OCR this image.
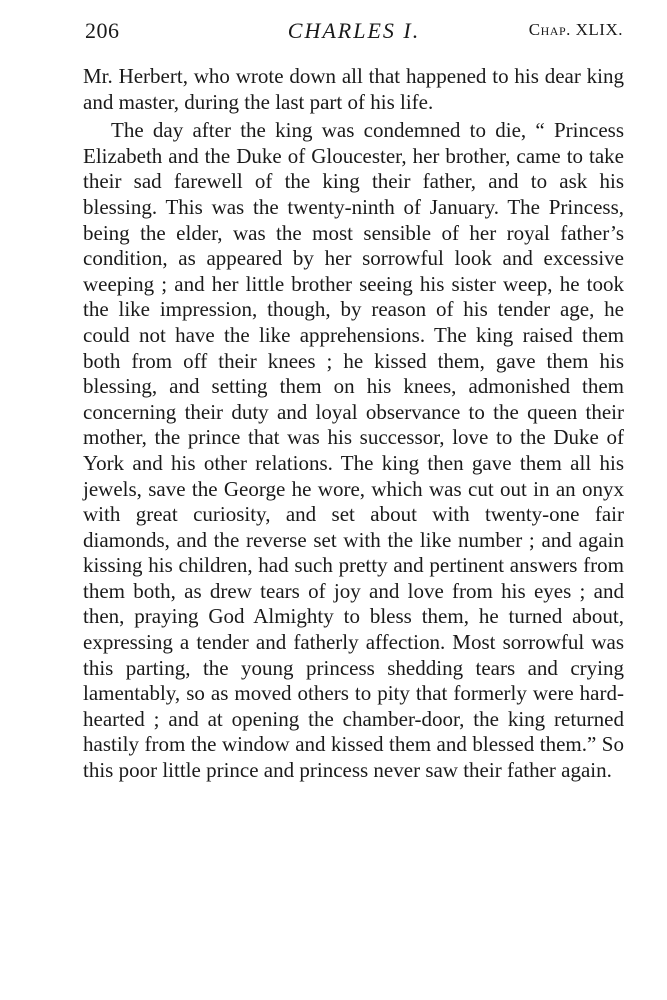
206	CHARLES I.	Chap. XLIX.

Mr. Herbert, who wrote down all that happened to his dear king and master, during the last part of his life.

The day after the king was condemned to die, “ Princess Elizabeth and the Duke of Gloucester, her brother, came to take their sad farewell of the king their father, and to ask his blessing. This was the twenty-ninth of January. The Princess, being the elder, was the most sensible of her royal father’s condition, as appeared by her sorrowful look and excessive weeping ; and her little brother seeing his sister weep, he took the like impression, though, by reason of his tender age, he could not have the like apprehensions. The king raised them both from off their knees ; he kissed them, gave them his blessing, and setting them on his knees, admonished them concerning their duty and loyal observance to the queen their mother, the prince that was his successor, love to the Duke of York and his other relations. The king then gave them all his jewels, save the George he wore, which was cut out in an onyx with great curiosity, and set about with twenty-one fair diamonds, and the reverse set with the like number ; and again kissing his children, had such pretty and pertinent answers from them both, as drew tears of joy and love from his eyes ; and then, praying God Almighty to bless them, he turned about, expressing a tender and fatherly affection. Most sorrowful was this parting, the young princess shedding tears and crying lamentably, so as moved others to pity that formerly were hard-hearted ; and at opening the chamber-door, the king returned hastily from the window and kissed them and blessed them.” So this poor little prince and princess never saw their father again.
